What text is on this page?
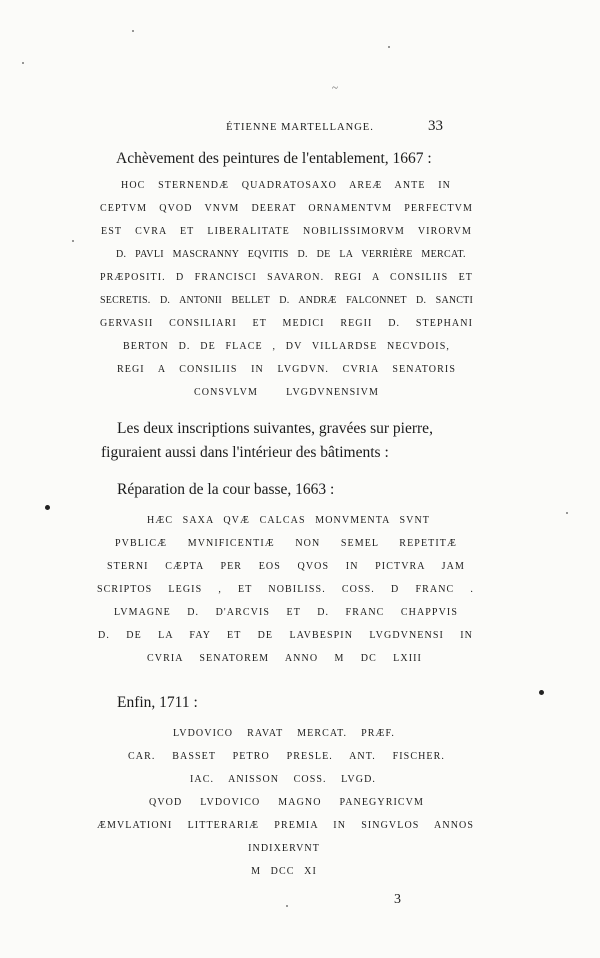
~
ÉTIENNE MARTELLANGE.	33
Achèvement des peintures de l'entablement, 1667 :
HOC STERNENDÆ QUADRATOSAXO AREÆ ANTE IN
CEPTVM QVOD VNVM DEERAT ORNAMENTVM PERFECTVM
EST CVRA ET LIBERALITATE NOBILISSIMORVM VIRORVM
D. PAVLI MASCRANNY EQVITIS D. DE LA VERRIÈRE MERCAT.
PRÆPOSITI. D FRANCISCI SAVARON. REGI A CONSILIIS ET
SECRETIS. D. ANTONII BELLET D. ANDRÆ FALCONNET D. SANCTI
GERVASII CONSILIARI ET MEDICI REGII D. STEPHANI
BERTON D. DE FLACE , DV VILLARDSE NECVDOIS,
REGI A CONSILIIS IN LVGDVN. CVRIA SENATORIS
CONSVLVM LVGDVNENSIVM
Les deux inscriptions suivantes, gravées sur pierre,
figuraient aussi dans l'intérieur des bâtiments :
Réparation de la cour basse, 1663 :
HÆC SAXA QVÆ CALCAS MONVMENTA SVNT
PVBLICÆ MVNIFICENTIÆ NON SEMEL REPETITÆ
STERNI CÆPTA PER EOS QVOS IN PICTVRA JAM
SCRIPTOS LEGIS , ET NOBILISS. COSS. D FRANC .
LVMAGNE D. D'ARCVIS ET D. FRANC CHAPPVIS
D. DE LA FAY ET DE LAVBESPIN LVGDVNENSI IN
CVRIA SENATOREM ANNO M DC LXIII
Enfin, 1711 :
LVDOVICO RAVAT MERCAT. PRÆF.
CAR. BASSET PETRO PRESLE. ANT. FISCHER.
IAC. ANISSON COSS. LVGD.
QVOD LVDOVICO MAGNO PANEGYRICVM
ÆMVLATIONI LITTERARIÆ PREMIA IN SINGVLOS ANNOS
INDIXERVNT
M DCC XI
3
